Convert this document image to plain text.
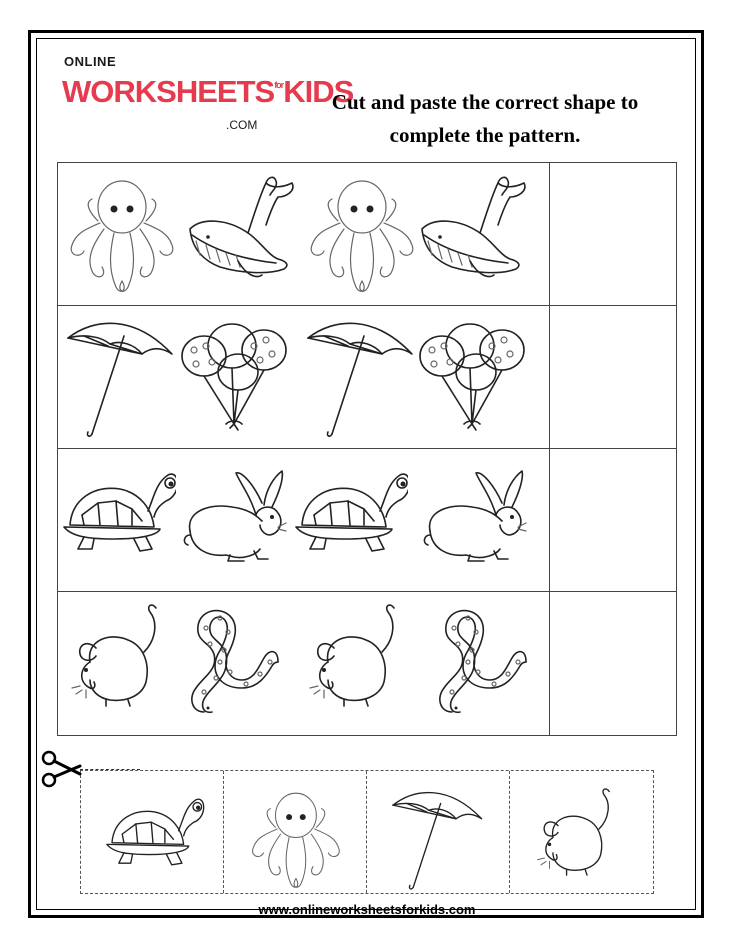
ONLINE
$WORKSHEETS^{for}KIDS$
.COM
Cut and paste the correct shape to
complete the pattern.
www.onlineworksheetsforkids.com
